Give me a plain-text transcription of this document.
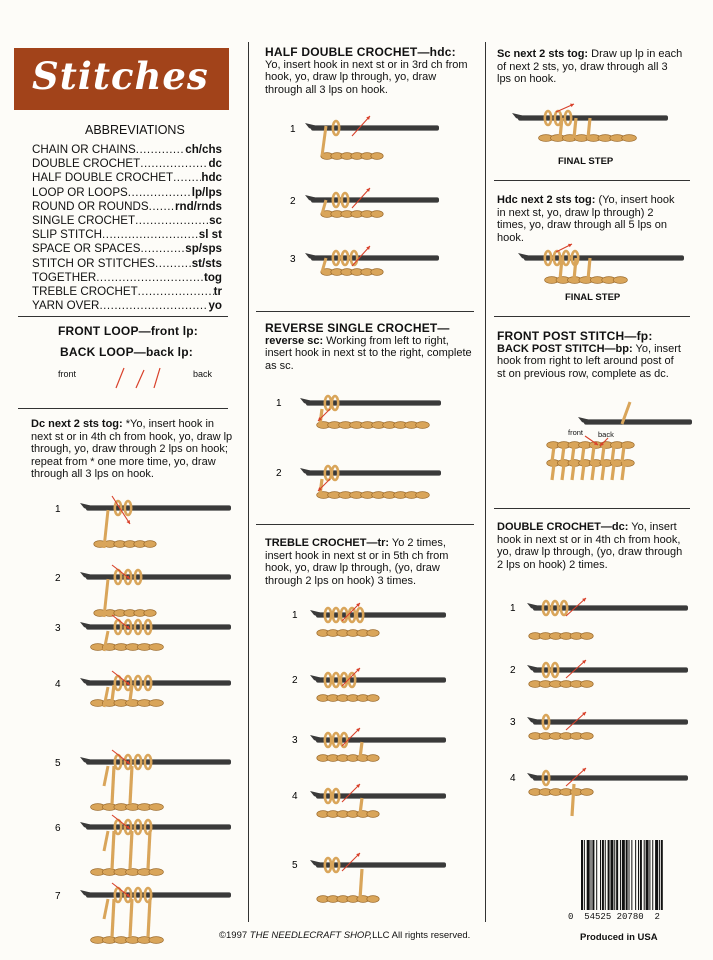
Stitches
ABBREVIATIONS
CHAIN OR CHAINS .....	ch/chs
DOUBLE CROCHET .....	dc
HALF DOUBLE CROCHET ..... hdc
LOOP OR LOOPS .....	lp/lps
ROUND OR ROUNDS ..... rnd/rnds
SINGLE CROCHET .....	sc
SLIP STITCH .....	sl st
SPACE OR SPACES .....	sp/sps
STITCH OR STITCHES .....	st/sts
TOGETHER .....	tog
TREBLE CROCHET .....	tr
YARN OVER .....	yo
FRONT LOOP—front lp:
BACK LOOP—back lp:
front	back
Dc next 2 sts tog: *Yo, insert hook in next st or in 4th ch from hook, yo, draw lp through, yo, draw through 2 lps on hook; repeat from * one more time, yo, draw through all 3 lps on hook.
HALF DOUBLE CROCHET—hdc:
Yo, insert hook in next st or in 3rd ch from hook, yo, draw lp through, yo, draw through all 3 lps on hook.
REVERSE SINGLE CROCHET—
reverse sc: Working from left to right, insert hook in next st to the right, complete as sc.
TREBLE CROCHET—tr: Yo 2 times, insert hook in next st or in 5th ch from hook, yo, draw lp through, (yo, draw through 2 lps on hook) 3 times.
Sc next 2 sts tog: Draw up lp in each of next 2 sts, yo, draw through all 3 lps on hook.
FINAL STEP
Hdc next 2 sts tog: (Yo, insert hook in next st, yo, draw lp through) 2 times, yo, draw through all 5 lps on hook.
FINAL STEP
FRONT POST STITCH—fp:
BACK POST STITCH—bp: Yo, insert hook from right to left around post of st on previous row, complete as dc.
front back
DOUBLE CROCHET—dc: Yo, insert hook in next st or in 4th ch from hook, yo, draw lp through, (yo, draw through 2 lps on hook) 2 times.
1
2
3
4
5
6
7
1
2
3
1
2
1
2
3
4
5
1
2
3
4
©1997 THE NEEDLECRAFT SHOP,LLC All rights reserved.
0 54525 20780 2
Produced in USA
